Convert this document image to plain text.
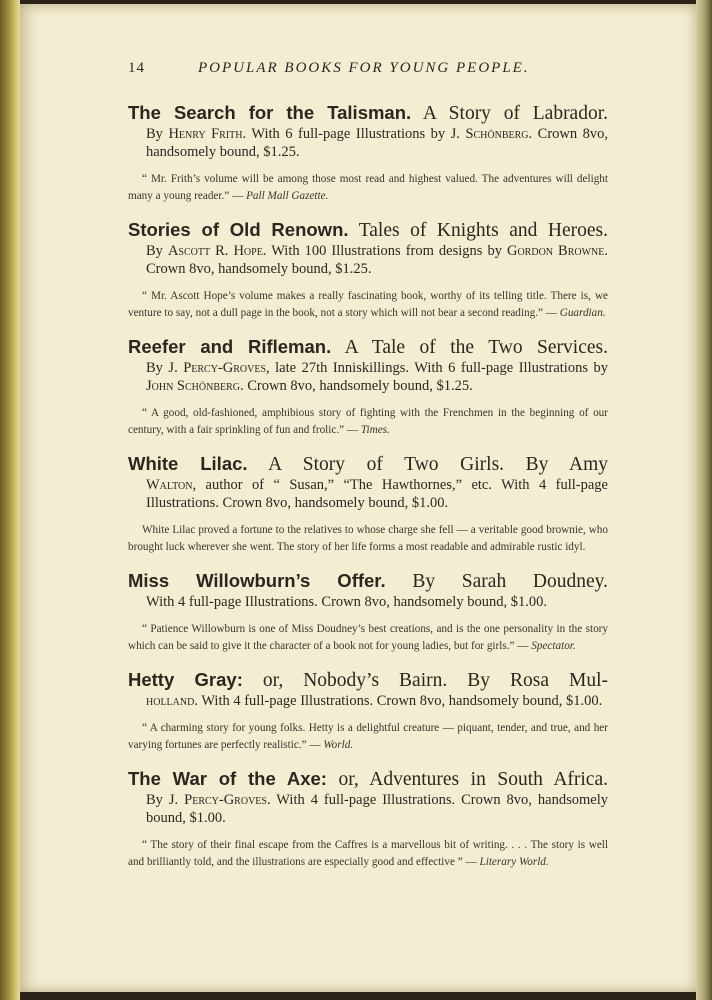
14	POPULAR BOOKS FOR YOUNG PEOPLE.

The Search for the Talisman. A Story of Labrador.

By Henry Frith. With 6 full-page Illustrations by J. Schönberg. Crown 8vo, handsomely bound, $1.25.

“ Mr. Frith’s volume will be among those most read and highest valued. The adventures will delight many a young reader.” — Pall Mall Gazette.

Stories of Old Renown. Tales of Knights and Heroes.

By Ascott R. Hope. With 100 Illustrations from designs by Gordon Browne. Crown 8vo, handsomely bound, $1.25.

“ Mr. Ascott Hope’s volume makes a really fascinating book, worthy of its telling title. There is, we venture to say, not a dull page in the book, not a story which will not bear a second reading.” — Guardian.

Reefer and Rifleman. A Tale of the Two Services.

By J. Percy-Groves, late 27th Inniskillings. With 6 full-page Illustrations by John Schönberg. Crown 8vo, handsomely bound, $1.25.

“ A good, old-fashioned, amphibious story of fighting with the Frenchmen in the beginning of our century, with a fair sprinkling of fun and frolic.” — Times.

White Lilac. A Story of Two Girls. By Amy

Walton, author of “ Susan,” “The Hawthornes,” etc. With 4 full-page Illustrations. Crown 8vo, handsomely bound, $1.00.

White Lilac proved a fortune to the relatives to whose charge she fell — a veritable good brownie, who brought luck wherever she went. The story of her life forms a most readable and admirable rustic idyl.

Miss Willowburn’s Offer. By Sarah Doudney.

With 4 full-page Illustrations. Crown 8vo, handsomely bound, $1.00.

“ Patience Willowburn is one of Miss Doudney’s best creations, and is the one personality in the story which can be said to give it the character of a book not for young ladies, but for girls.” — Spectator.

Hetty Gray: or, Nobody’s Bairn. By Rosa Mul-

holland. With 4 full-page Illustrations. Crown 8vo, handsomely bound, $1.00.

“ A charming story for young folks. Hetty is a delightful creature — piquant, tender, and true, and her varying fortunes are perfectly realistic.” — World.

The War of the Axe: or, Adventures in South Africa.

By J. Percy-Groves. With 4 full-page Illustrations. Crown 8vo, handsomely bound, $1.00.

“ The story of their final escape from the Caffres is a marvellous bit of writing. . . . The story is well and brilliantly told, and the illustrations are especially good and effective ” — Literary World.
